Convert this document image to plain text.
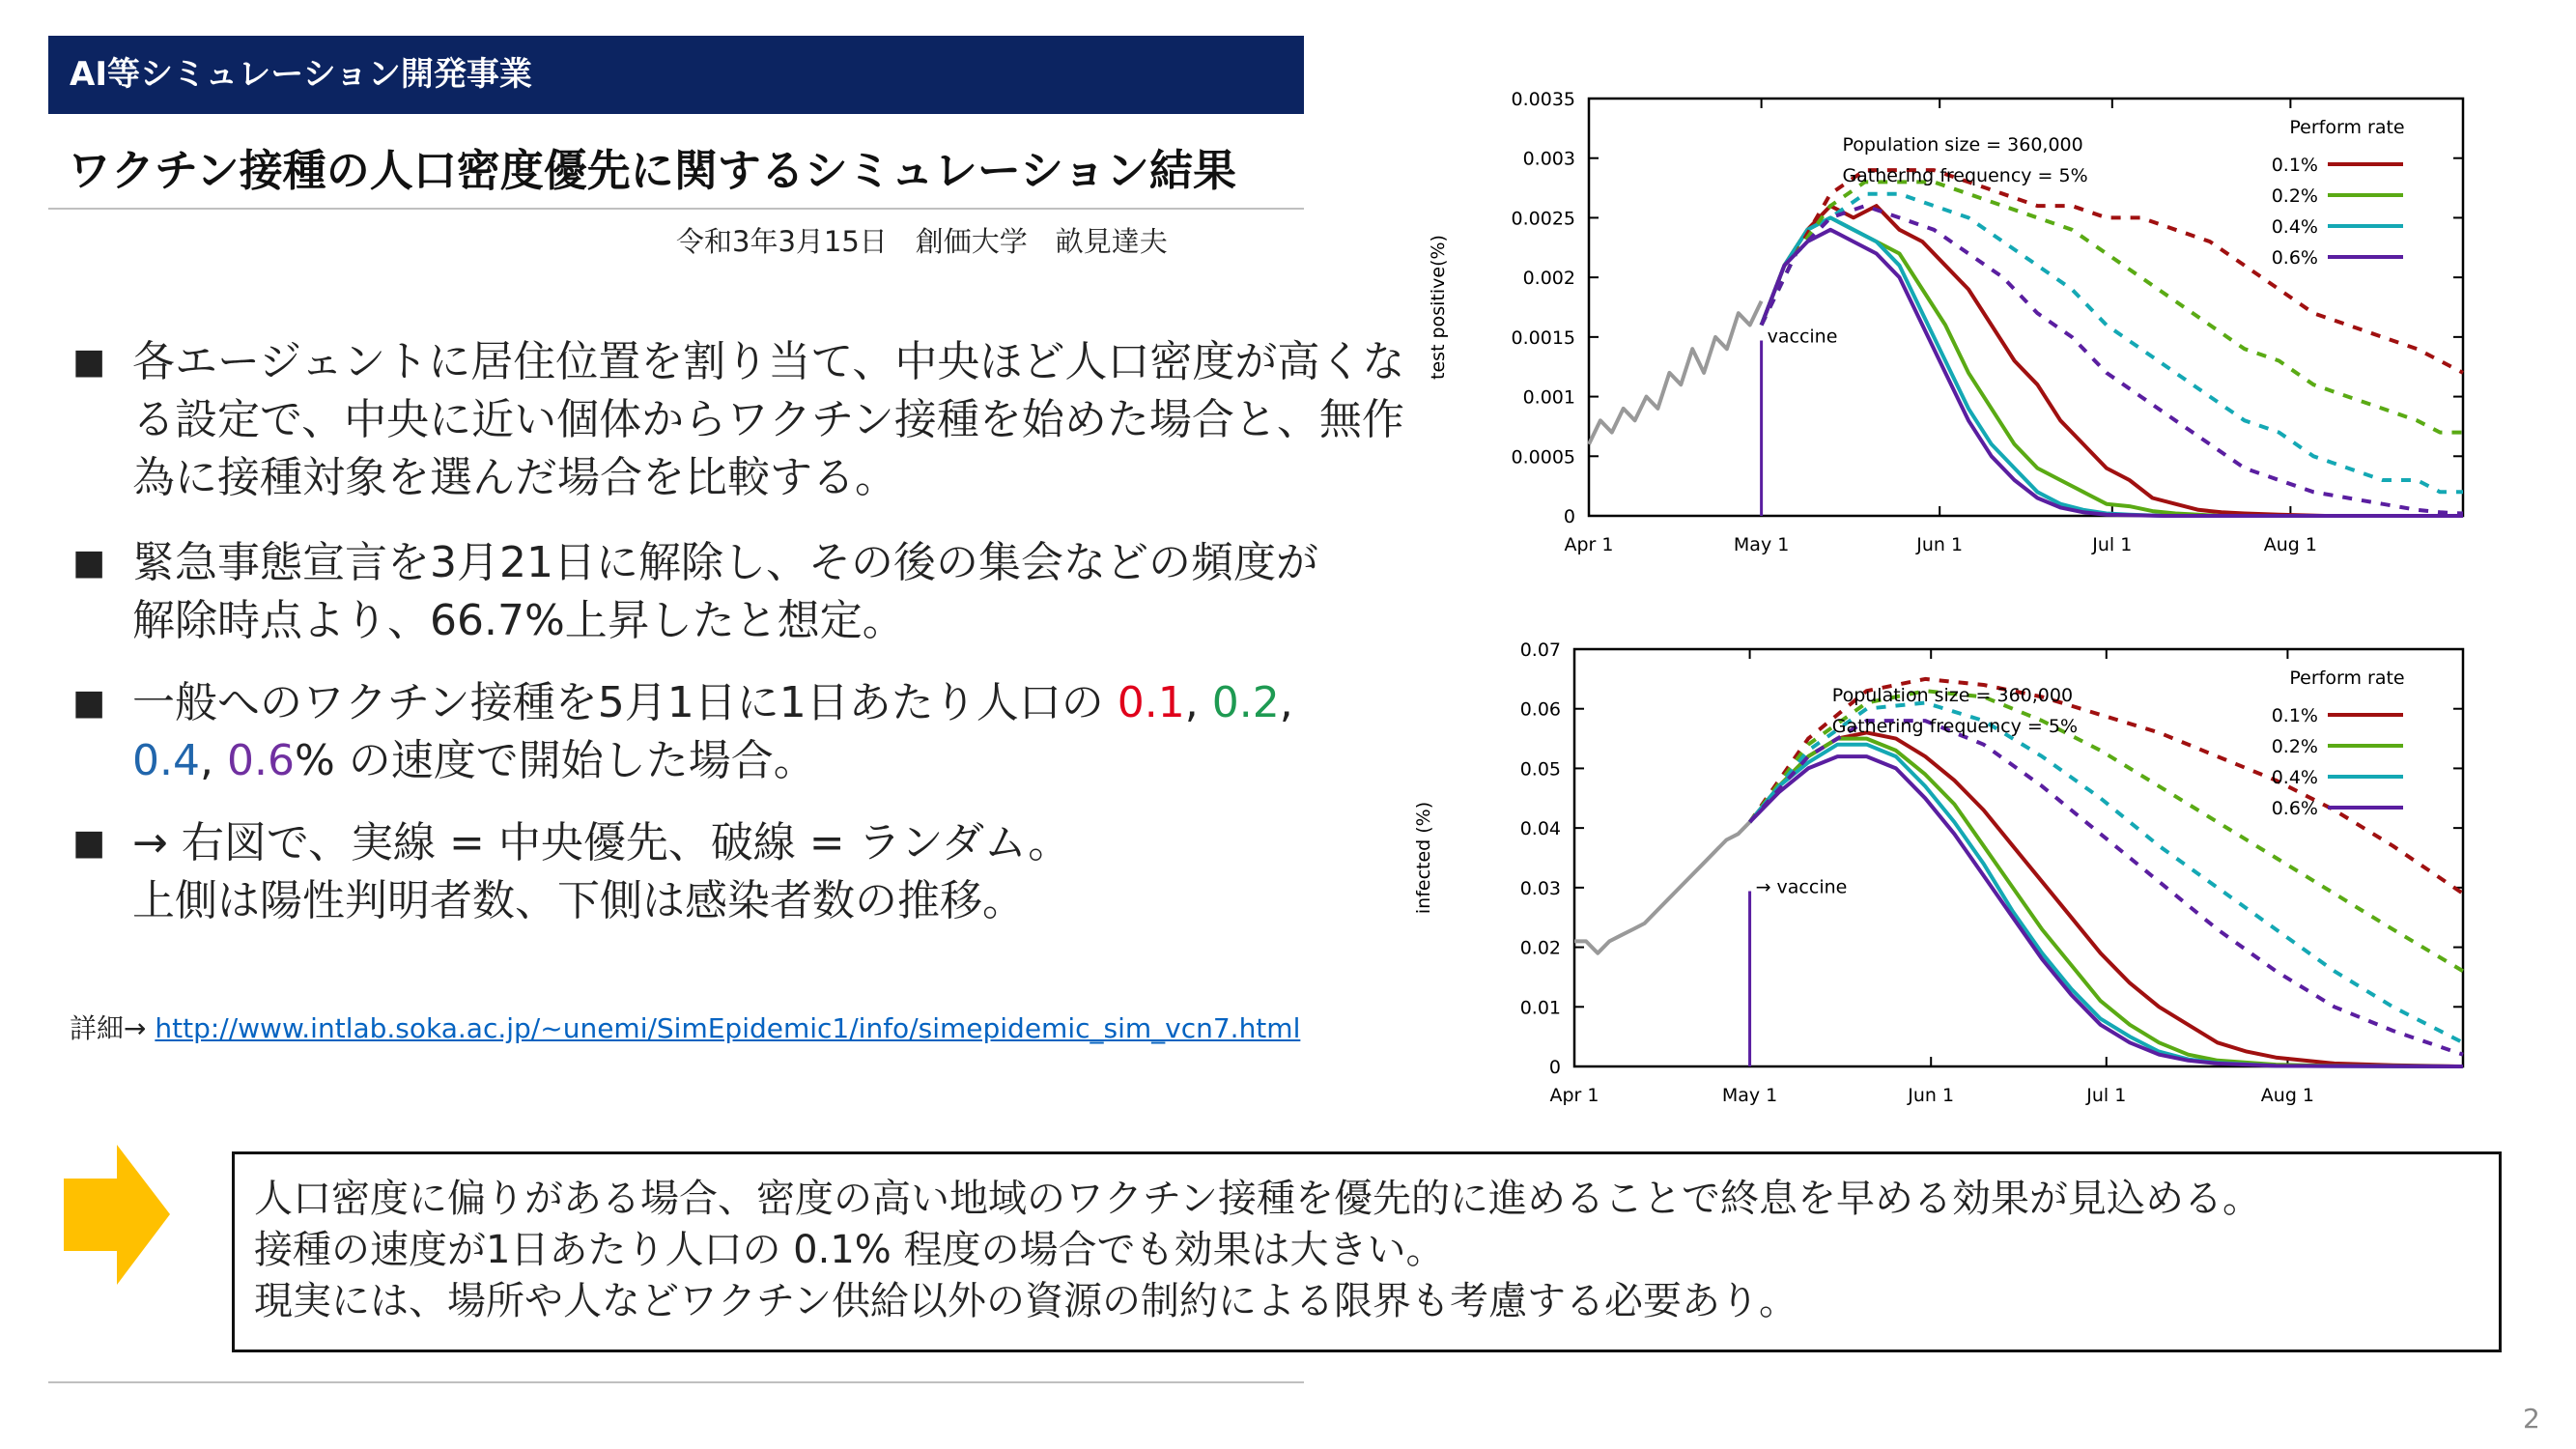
AI等シミュレーション開発事業
ワクチン接種の人口密度優先に関するシミュレーション結果
令和3年3月15日　創価大学　畝見達夫
■ 各エージェントに居住位置を割り当て、中央ほど人口密度が高くな
る設定で、中央に近い個体からワクチン接種を始めた場合と、無作
為に接種対象を選んだ場合を比較する。
■ 緊急事態宣言を3月21日に解除し、その後の集会などの頻度が
解除時点より、66.7%上昇したと想定。
■ 一般へのワクチン接種を5月1日に1日あたり人口の 0.1, 0.2,
0.4, 0.6% の速度で開始した場合。
■ → 右図で、実線 = 中央優先、破線 = ランダム。
上側は陽性判明者数、下側は感染者数の推移。
詳細→ http://www.intlab.soka.ac.jp/~unemi/SimEpidemic1/info/simepidemic_sim_vcn7.html
0
0.0005
0.001
0.0015
0.002
0.0025
0.003
0.0035
Apr 1	May 1	Jun 1	Jul 1	Aug 1
test positive(%)	vaccine
Population size = 360,000
Gathering frequency = 5%
Perform rate
0.1%
0.2%
0.4%
0.6%
0
0.01
0.02
0.03
0.04
0.05
0.06
0.07
Apr 1	May 1	Jun 1	Jul 1	Aug 1
infected (%)	→ vaccine
Population size = 360,000
Gathering frequency = 5%
Perform rate
0.1%
0.2%
0.4%
0.6%
人口密度に偏りがある場合、密度の高い地域のワクチン接種を優先的に進めることで終息を早める効果が見込める。
接種の速度が1日あたり人口の 0.1% 程度の場合でも効果は大きい。
現実には、場所や人などワクチン供給以外の資源の制約による限界も考慮する必要あり。
2
